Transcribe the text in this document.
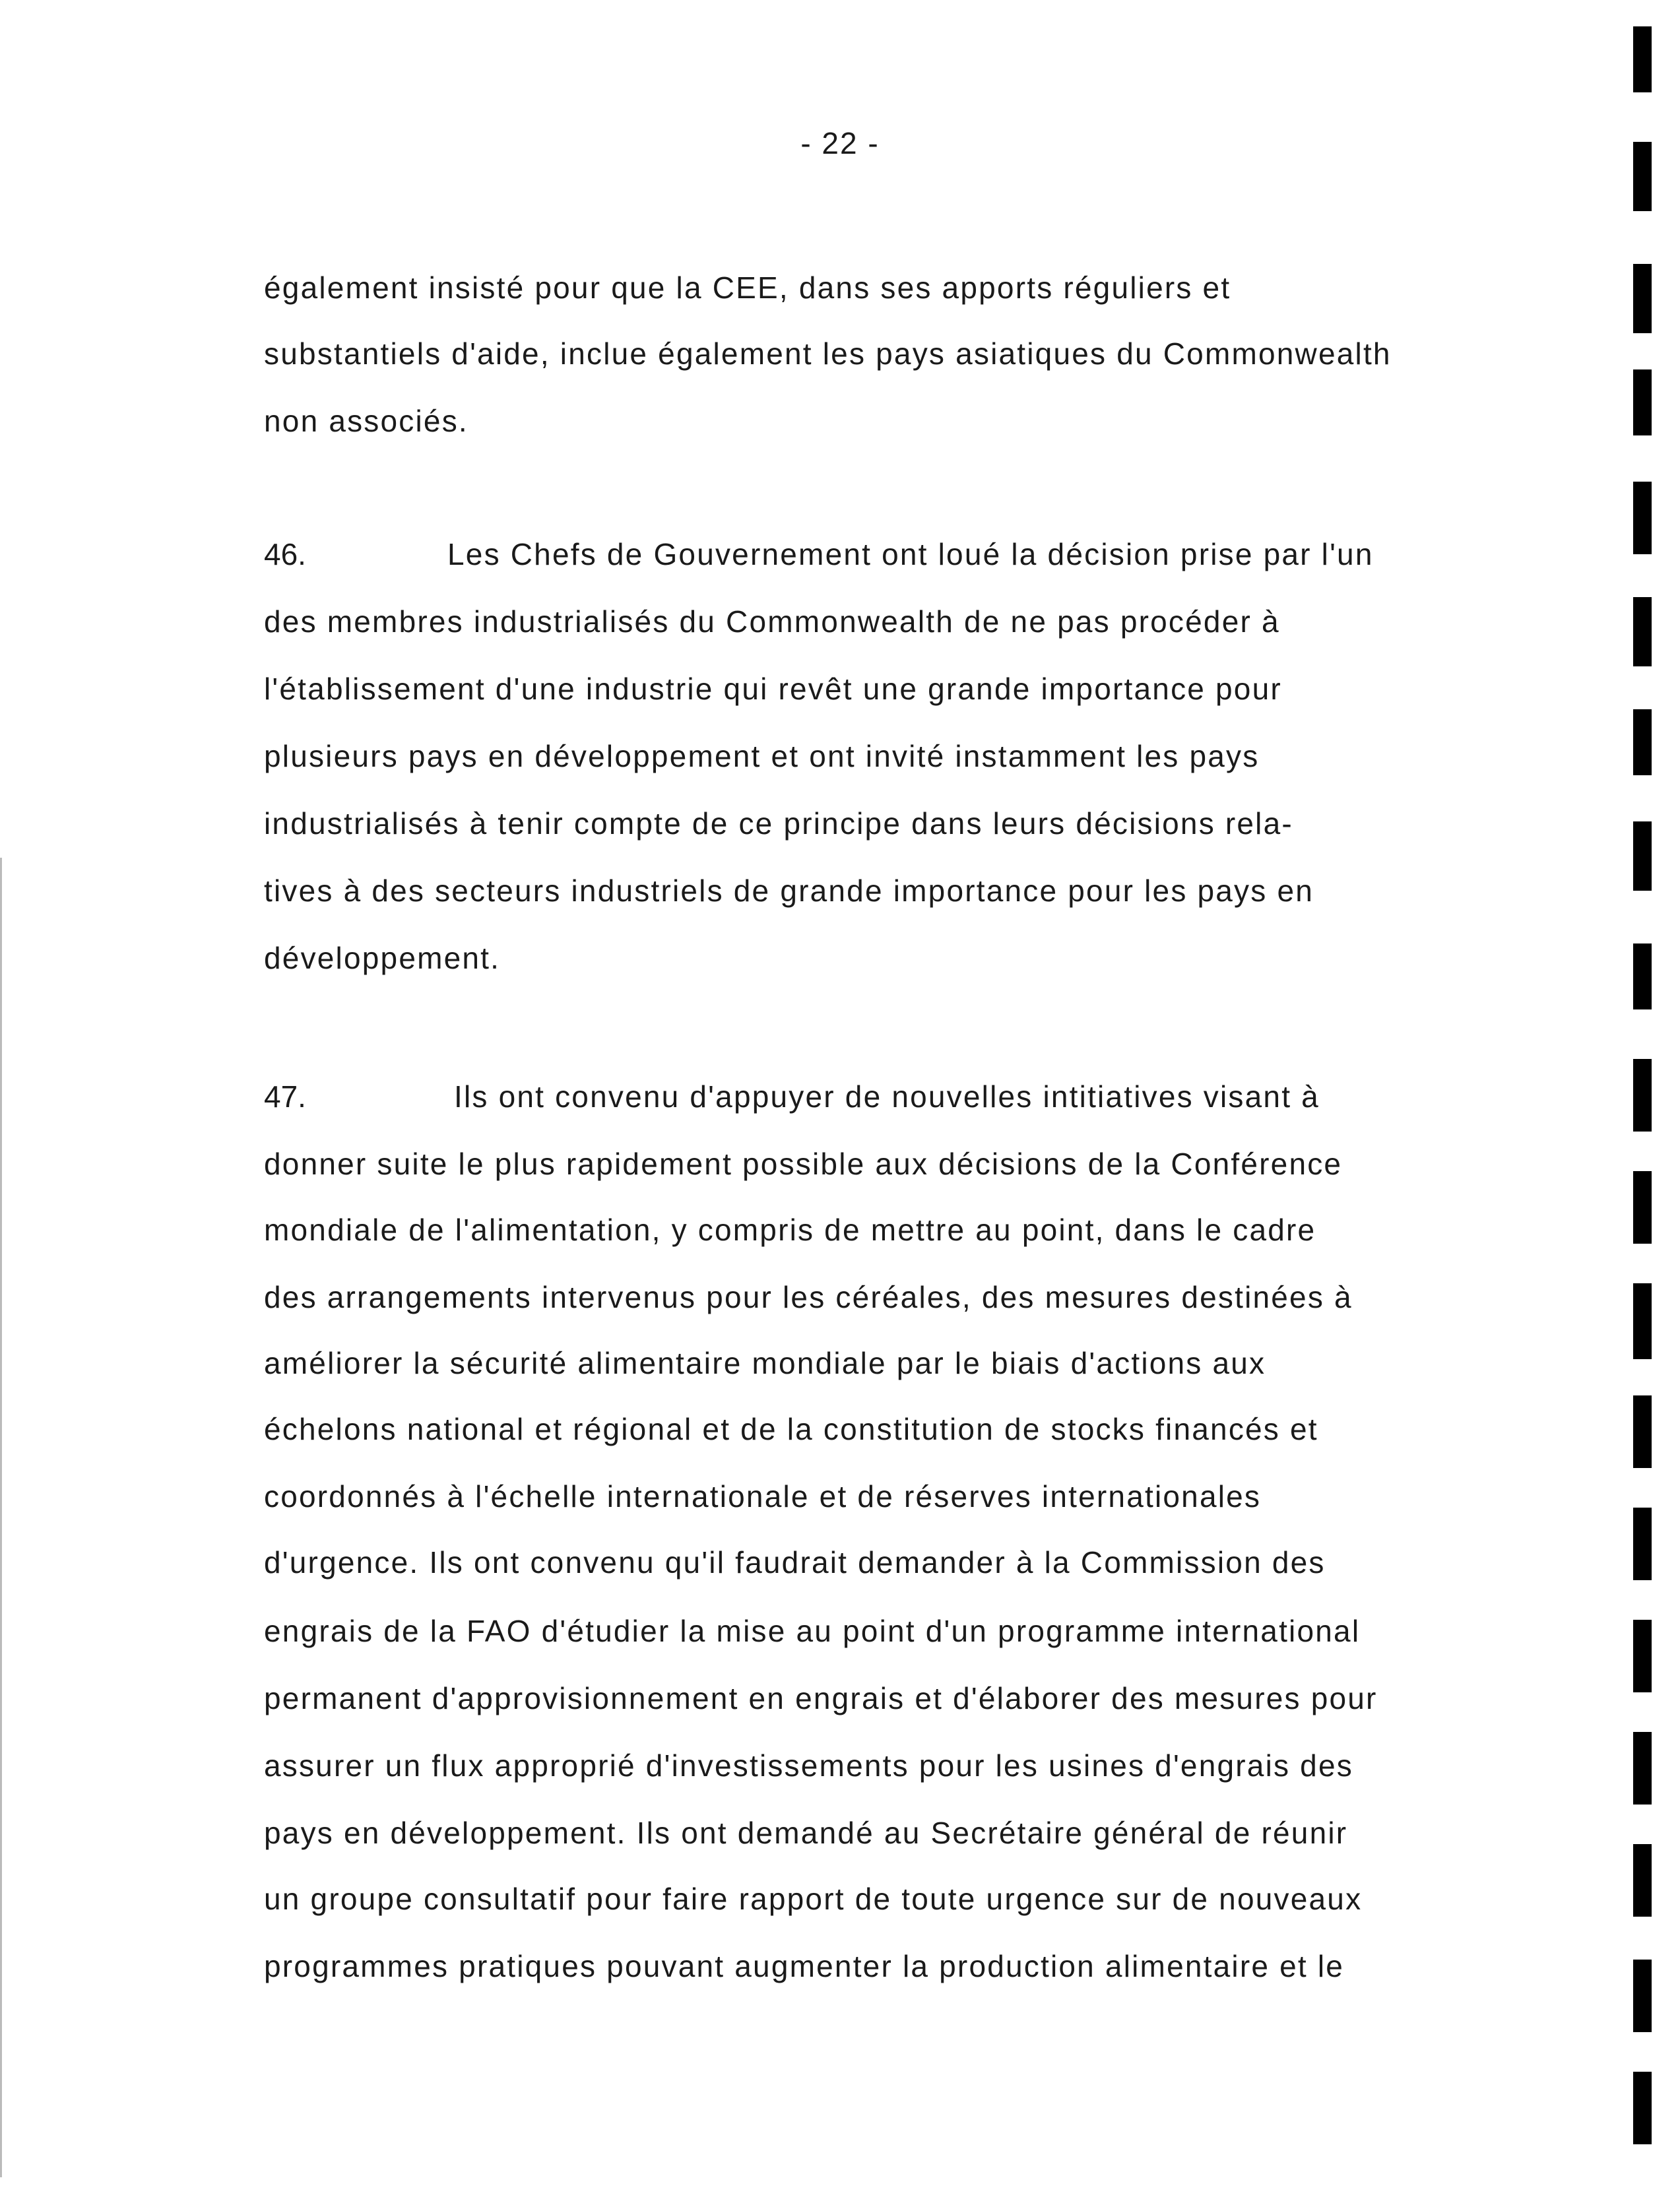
- 22 -
également insisté pour que la CEE, dans ses apports réguliers et
substantiels d'aide, inclue également les pays asiatiques du Commonwealth
non associés.
46.	Les Chefs de Gouvernement ont loué la décision prise par l'un
des membres industrialisés du Commonwealth de ne pas procéder à
l'établissement d'une industrie qui revêt une grande importance pour
plusieurs pays en développement et ont invité instamment les pays
industrialisés à tenir compte de ce principe dans leurs décisions rela-
tives à des secteurs industriels de grande importance pour les pays en
développement.
47.	Ils ont convenu d'appuyer de nouvelles intitiatives visant à
donner suite le plus rapidement possible aux décisions de la Conférence
mondiale de l'alimentation, y compris de mettre au point, dans le cadre
des arrangements intervenus pour les céréales, des mesures destinées à
améliorer la sécurité alimentaire mondiale par le biais d'actions aux
échelons national et régional et de la constitution de stocks financés et
coordonnés à l'échelle internationale et de réserves internationales
d'urgence. Ils ont convenu qu'il faudrait demander à la Commission des
engrais de la FAO d'étudier la mise au point d'un programme international
permanent d'approvisionnement en engrais et d'élaborer des mesures pour
assurer un flux approprié d'investissements pour les usines d'engrais des
pays en développement. Ils ont demandé au Secrétaire général de réunir
un groupe consultatif pour faire rapport de toute urgence sur de nouveaux
programmes pratiques pouvant augmenter la production alimentaire et le
